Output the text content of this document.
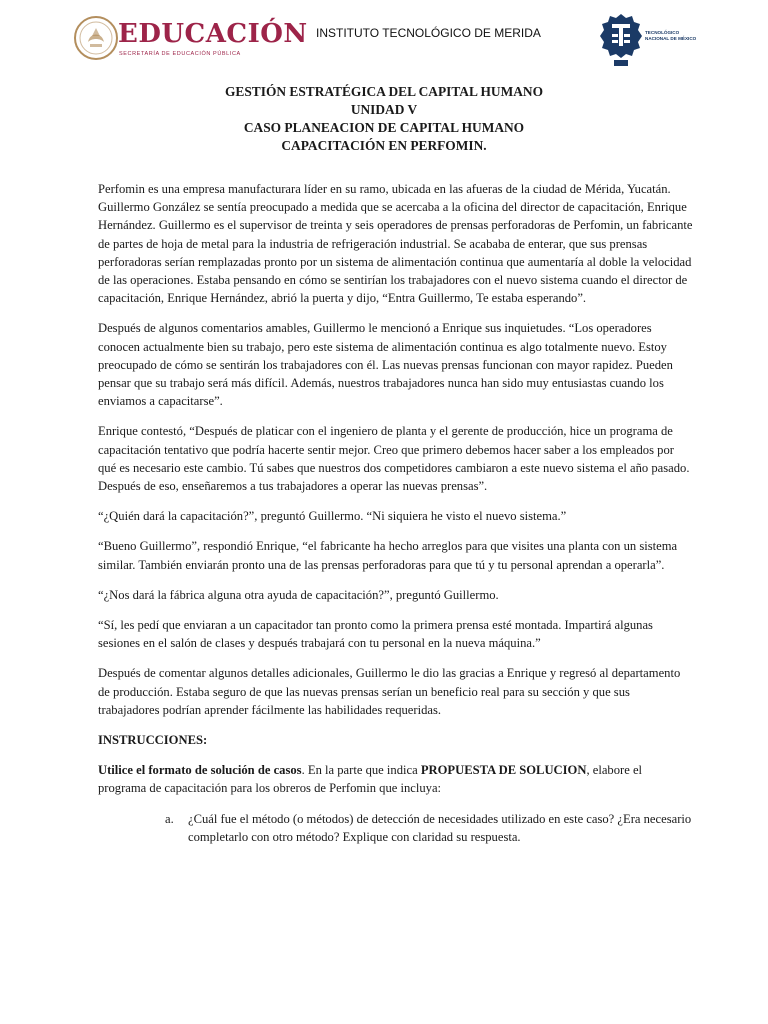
EDUCACIÓN
SECRETARÍA DE EDUCACIÓN PÚBLICA
INSTITUTO TECNOLÓGICO DE MERIDA	TECNOLÓGICO
NACIONAL DE MÉXICO
GESTIÓN ESTRATÉGICA DEL CAPITAL HUMANO
UNIDAD V
CASO PLANEACION DE CAPITAL HUMANO
CAPACITACIÓN EN PERFOMIN.

Perfomin es una empresa manufacturara líder en su ramo, ubicada en las afueras de la ciudad de Mérida, Yucatán. Guillermo González se sentía preocupado a medida que se acercaba a la oficina del director de capacitación, Enrique Hernández. Guillermo es el supervisor de treinta y seis operadores de prensas perforadoras de Perfomin, un fabricante de partes de hoja de metal para la industria de refrigeración industrial. Se acababa de enterar, que sus prensas perforadoras serían remplazadas pronto por un sistema de alimentación continua que aumentaría al doble la velocidad de las operaciones. Estaba pensando en cómo se sentirían los trabajadores con el nuevo sistema cuando el director de capacitación, Enrique Hernández, abrió la puerta y dijo, “Entra Guillermo, Te estaba esperando”.

Después de algunos comentarios amables, Guillermo le mencionó a Enrique sus inquietudes. “Los operadores conocen actualmente bien su trabajo, pero este sistema de alimentación continua es algo totalmente nuevo. Estoy preocupado de cómo se sentirán los trabajadores con él. Las nuevas prensas funcionan con mayor rapidez. Pueden pensar que su trabajo será más difícil. Además, nuestros trabajadores nunca han sido muy entusiastas cuando los enviamos a capacitarse”.

Enrique contestó, “Después de platicar con el ingeniero de planta y el gerente de producción, hice un programa de capacitación tentativo que podría hacerte sentir mejor. Creo que primero debemos hacer saber a los empleados por qué es necesario este cambio. Tú sabes que nuestros dos competidores cambiaron a este nuevo sistema el año pasado. Después de eso, enseñaremos a tus trabajadores a operar las nuevas prensas”.

“¿Quién dará la capacitación?”, preguntó Guillermo. “Ni siquiera he visto el nuevo sistema.”

“Bueno Guillermo”, respondió Enrique, “el fabricante ha hecho arreglos para que visites una planta con un sistema similar. También enviarán pronto una de las prensas perforadoras para que tú y tu personal aprendan a operarla”.

“¿Nos dará la fábrica alguna otra ayuda de capacitación?”, preguntó Guillermo.

“Sí, les pedí que enviaran a un capacitador tan pronto como la primera prensa esté montada. Impartirá algunas sesiones en el salón de clases y después trabajará con tu personal en la nueva máquina.”

Después de comentar algunos detalles adicionales, Guillermo le dio las gracias a Enrique y regresó al departamento de producción. Estaba seguro de que las nuevas prensas serían un beneficio real para su sección y que sus trabajadores podrían aprender fácilmente las habilidades requeridas.

INSTRUCCIONES:

Utilice el formato de solución de casos. En la parte que indica PROPUESTA DE SOLUCION, elabore el programa de capacitación para los obreros de Perfomin que incluya:

a. ¿Cuál fue el método (o métodos) de detección de necesidades utilizado en este caso? ¿Era necesario completarlo con otro método? Explique con claridad su respuesta.
